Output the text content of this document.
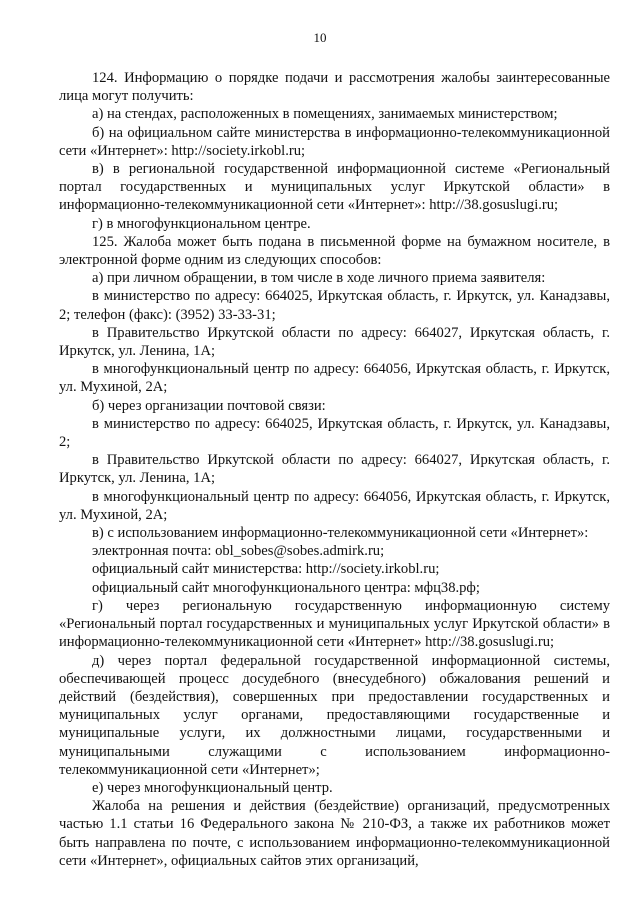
10

124. Информацию о порядке подачи и рассмотрения жалобы заинтересованные лица могут получить:

а) на стендах, расположенных в помещениях, занимаемых министерством;

б) на официальном сайте министерства в информационно-телекоммуникационной сети «Интернет»: http://society.irkobl.ru;

в) в региональной государственной информационной системе «Региональный портал государственных и муниципальных услуг Иркутской области» в информационно-телекоммуникационной сети «Интернет»: http://38.gosuslugi.ru;

г) в многофункциональном центре.

125. Жалоба может быть подана в письменной форме на бумажном носителе, в электронной форме одним из следующих способов:

а) при личном обращении, в том числе в ходе личного приема заявителя:

в министерство по адресу: 664025, Иркутская область, г. Иркутск, ул. Канадзавы, 2; телефон (факс): (3952) 33-33-31;

в Правительство Иркутской области по адресу: 664027, Иркутская область, г. Иркутск, ул. Ленина, 1А;

в многофункциональный центр по адресу: 664056, Иркутская область, г. Иркутск, ул. Мухиной, 2А;

б) через организации почтовой связи:

в министерство по адресу: 664025, Иркутская область, г. Иркутск, ул. Канадзавы, 2;

в Правительство Иркутской области по адресу: 664027, Иркутская область, г. Иркутск, ул. Ленина, 1А;

в многофункциональный центр по адресу: 664056, Иркутская область, г. Иркутск, ул. Мухиной, 2А;

в) с использованием информационно-телекоммуникационной сети «Интернет»:

электронная почта: obl_sobes@sobes.admirk.ru;

официальный сайт министерства: http://society.irkobl.ru;

официальный сайт многофункционального центра: мфц38.рф;

г) через региональную государственную информационную систему «Региональный портал государственных и муниципальных услуг Иркутской области» в информационно-телекоммуникационной сети «Интернет» http://38.gosuslugi.ru;

д) через портал федеральной государственной информационной системы, обеспечивающей процесс досудебного (внесудебного) обжалования решений и действий (бездействия), совершенных при предоставлении государственных и муниципальных услуг органами, предоставляющими государственные и муниципальные услуги, их должностными лицами, государственными и муниципальными служащими с использованием информационно-телекоммуникационной сети «Интернет»;

е) через многофункциональный центр.

Жалоба на решения и действия (бездействие) организаций, предусмотренных частью 1.1 статьи 16 Федерального закона № 210-ФЗ, а также их работников может быть направлена по почте, с использованием информационно-телекоммуникационной сети «Интернет», официальных сайтов этих организаций,
